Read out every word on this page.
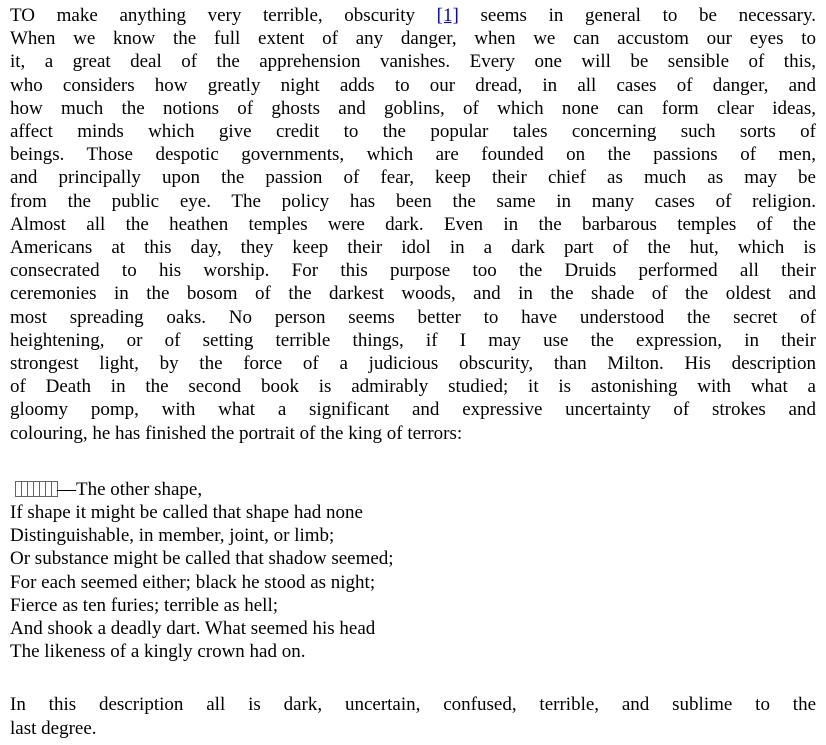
TO make anything very terrible, obscurity [1] seems in general to be necessary.
When we know the full extent of any danger, when we can accustom our eyes to
it, a great deal of the apprehension vanishes. Every one will be sensible of this,
who considers how greatly night adds to our dread, in all cases of danger, and
how much the notions of ghosts and goblins, of which none can form clear ideas,
affect minds which give credit to the popular tales concerning such sorts of
beings. Those despotic governments, which are founded on the passions of men,
and principally upon the passion of fear, keep their chief as much as may be
from the public eye. The policy has been the same in many cases of religion.
Almost all the heathen temples were dark. Even in the barbarous temples of the
Americans at this day, they keep their idol in a dark part of the hut, which is
consecrated to his worship. For this purpose too the Druids performed all their
ceremonies in the bosom of the darkest woods, and in the shade of the oldest and
most spreading oaks. No person seems better to have understood the secret of
heightening, or of setting terrible things, if I may use the expression, in their
strongest light, by the force of a judicious obscurity, than Milton. His description
of Death in the second book is admirably studied; it is astonishing with what a
gloomy pomp, with what a significant and expressive uncertainty of strokes and
colouring, he has finished the portrait of the king of terrors:
—The other shape,
If shape it might be called that shape had none
Distinguishable, in member, joint, or limb;
Or substance might be called that shadow seemed;
For each seemed either; black he stood as night;
Fierce as ten furies; terrible as hell;
And shook a deadly dart. What seemed his head
The likeness of a kingly crown had on.
In this description all is dark, uncertain, confused, terrible, and sublime to the
last degree.
